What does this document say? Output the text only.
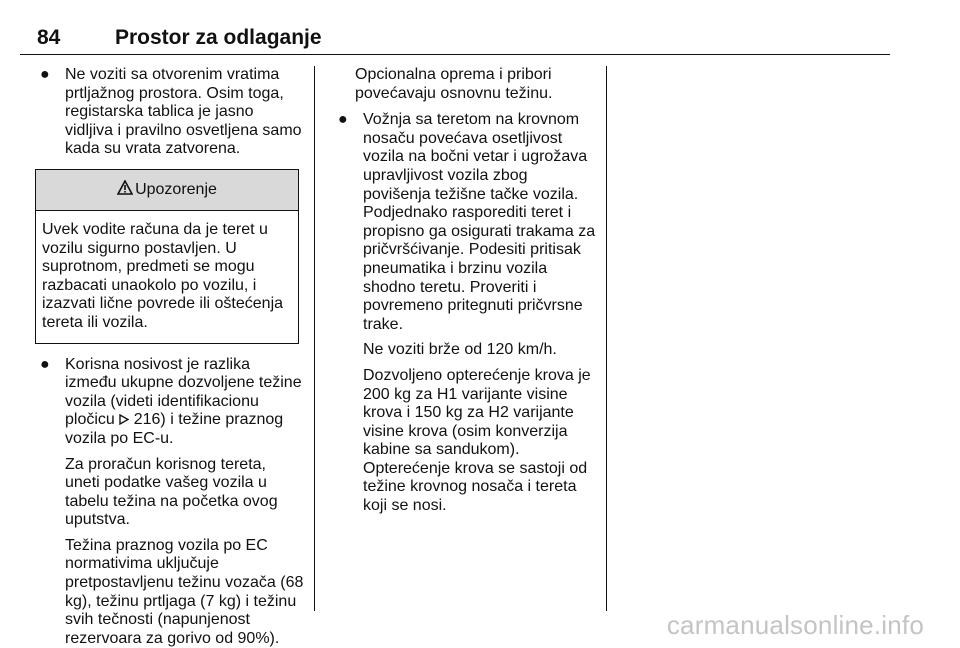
84	Prostor za odlaganje
● Ne voziti sa otvorenim vratima prtljažnog prostora. Osim toga, registarska tablica je jasno vidljiva i pravilno osvetljena samo kada su vrata zatvorena.
Upozorenje
Uvek vodite računa da je teret u vozilu sigurno postavljen. U suprotnom, predmeti se mogu razbacati unaokolo po vozilu, i izazvati lične povrede ili oštećenja tereta ili vozila.
● Korisna nosivost je razlika između ukupne dozvoljene težine vozila (videti identifikacionu pločicu 216) i težine praznog vozila po EC-u.
Za proračun korisnog tereta, uneti podatke vašeg vozila u tabelu težina na početka ovog uputstva.
Težina praznog vozila po EC normativima uključuje pretpostavljenu težinu vozača (68 kg), težinu prtljaga (7 kg) i težinu svih tečnosti (napunjenost rezervoara za gorivo od 90%).
Opcionalna oprema i pribori povećavaju osnovnu težinu.
● Vožnja sa teretom na krovnom nosaču povećava osetljivost vozila na bočni vetar i ugrožava upravljivost vozila zbog povišenja težišne tačke vozila. Podjednako rasporediti teret i propisno ga osigurati trakama za pričvršćivanje. Podesiti pritisak pneumatika i brzinu vozila shodno teretu. Proveriti i povremeno pritegnuti pričvrsne trake.
Ne voziti brže od 120 km/h.
Dozvoljeno opterećenje krova je 200 kg za H1 varijante visine krova i 150 kg za H2 varijante visine krova (osim konverzija kabine sa sandukom). Opterećenje krova se sastoji od težine krovnog nosača i tereta koji se nosi.
carmanualsonline.info
